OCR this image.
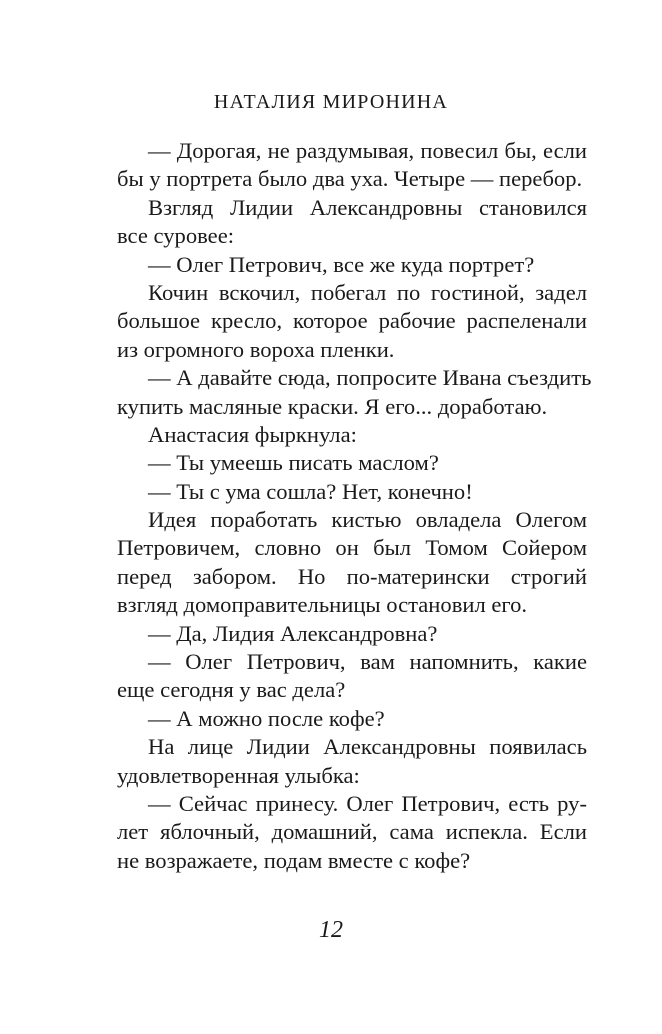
НАТАЛИЯ МИРОНИНА
— Дорогая, не раздумывая, повесил бы, если
бы у портрета было два уха. Четыре — перебор.
Взгляд Лидии Александровны становился
все суровее:
— Олег Петрович, все же куда портрет?
Кочин вскочил, побегал по гостиной, задел
большое кресло, которое рабочие распеленали
из огромного вороха пленки.
— А давайте сюда, попросите Ивана съездить
купить масляные краски. Я его... доработаю.
Анастасия фыркнула:
— Ты умеешь писать маслом?
— Ты с ума сошла? Нет, конечно!
Идея поработать кистью овладела Олегом
Петровичем, словно он был Томом Сойером
перед забором. Но по-матерински строгий
взгляд домоправительницы остановил его.
— Да, Лидия Александровна?
— Олег Петрович, вам напомнить, какие
еще сегодня у вас дела?
— А можно после кофе?
На лице Лидии Александровны появилась
удовлетворенная улыбка:
— Сейчас принесу. Олег Петрович, есть ру-
лет яблочный, домашний, сама испекла. Если
не возражаете, подам вместе с кофе?
12
